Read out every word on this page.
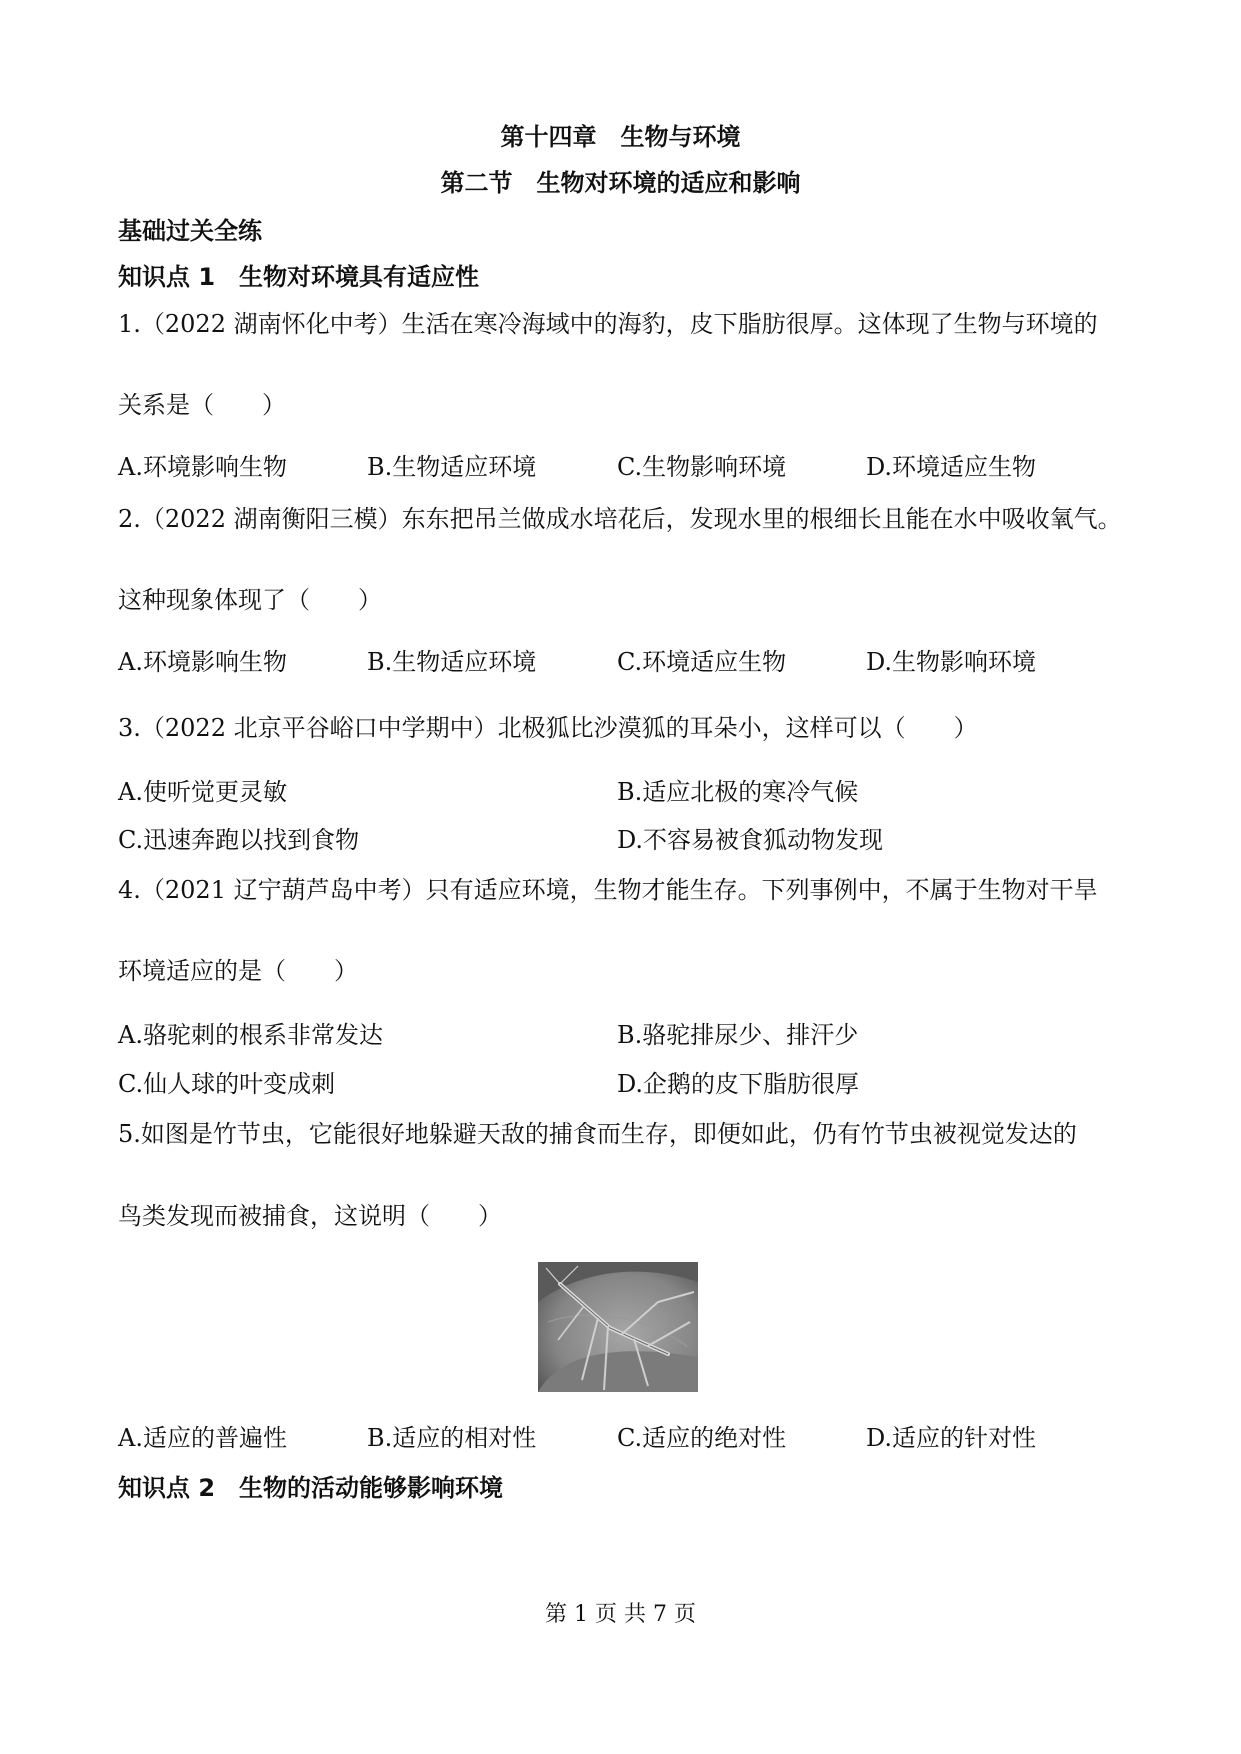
第十四章　生物与环境
第二节　生物对环境的适应和影响
基础过关全练
知识点 1　生物对环境具有适应性
1.（2022 湖南怀化中考）生活在寒冷海域中的海豹，皮下脂肪很厚。这体现了生物与环境的
关系是（　　）
A.环境影响生物	B.生物适应环境	C.生物影响环境	D.环境适应生物
2.（2022 湖南衡阳三模）东东把吊兰做成水培花后，发现水里的根细长且能在水中吸收氧气。
这种现象体现了（　　）
A.环境影响生物	B.生物适应环境	C.环境适应生物	D.生物影响环境
3.（2022 北京平谷峪口中学期中）北极狐比沙漠狐的耳朵小，这样可以（　　）
A.使听觉更灵敏	B.适应北极的寒冷气候
C.迅速奔跑以找到食物	D.不容易被食狐动物发现
4.（2021 辽宁葫芦岛中考）只有适应环境，生物才能生存。下列事例中，不属于生物对干旱
环境适应的是（　　）
A.骆驼刺的根系非常发达	B.骆驼排尿少、排汗少
C.仙人球的叶变成刺	D.企鹅的皮下脂肪很厚
5.如图是竹节虫，它能很好地躲避天敌的捕食而生存，即便如此，仍有竹节虫被视觉发达的
鸟类发现而被捕食，这说明（　　）
A.适应的普遍性	B.适应的相对性	C.适应的绝对性	D.适应的针对性
知识点 2　生物的活动能够影响环境
第 1 页 共 7 页
